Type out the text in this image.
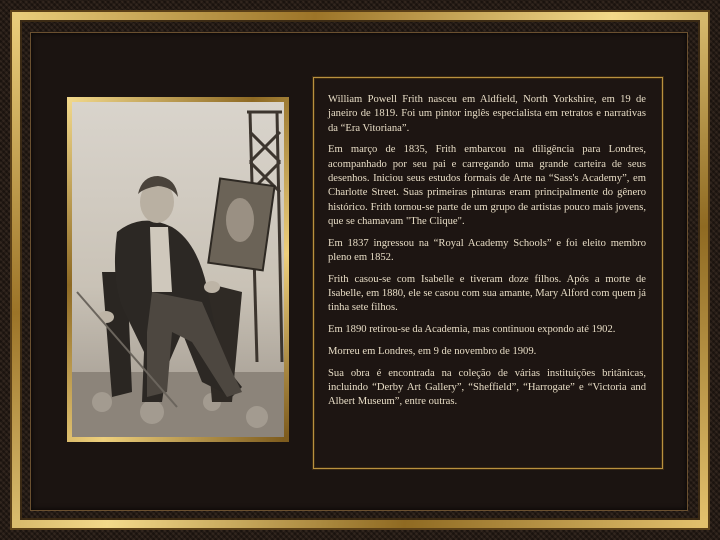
William Powell Frith nasceu em Aldfield, North Yorkshire, em 19 de janeiro de 1819. Foi um pintor inglês especialista em retratos e narrativas da “Era Vitoriana”.

Em março de 1835, Frith embarcou na diligência para Londres, acompanhado por seu pai e carregando uma grande carteira de seus desenhos. Iniciou seus estudos formais de Arte na “Sass's Academy”, em Charlotte Street. Suas primeiras pinturas eram principalmente do gênero histórico. Frith tornou-se parte de um grupo de artistas pouco mais jovens, que se chamavam "The Clique".

Em 1837 ingressou na “Royal Academy Schools” e foi eleito membro pleno em 1852.

Frith casou-se com Isabelle e tiveram doze filhos. Após a morte de Isabelle, em 1880, ele se casou com sua amante, Mary Alford com quem já tinha sete filhos.

Em 1890 retirou-se da Academia, mas continuou expondo até 1902.

Morreu em Londres, em 9 de novembro de 1909.

Sua obra é encontrada na coleção de várias instituições britânicas, incluindo “Derby Art Gallery”, “Sheffield”, “Harrogate” e “Victoria and Albert Museum”, entre outras.
